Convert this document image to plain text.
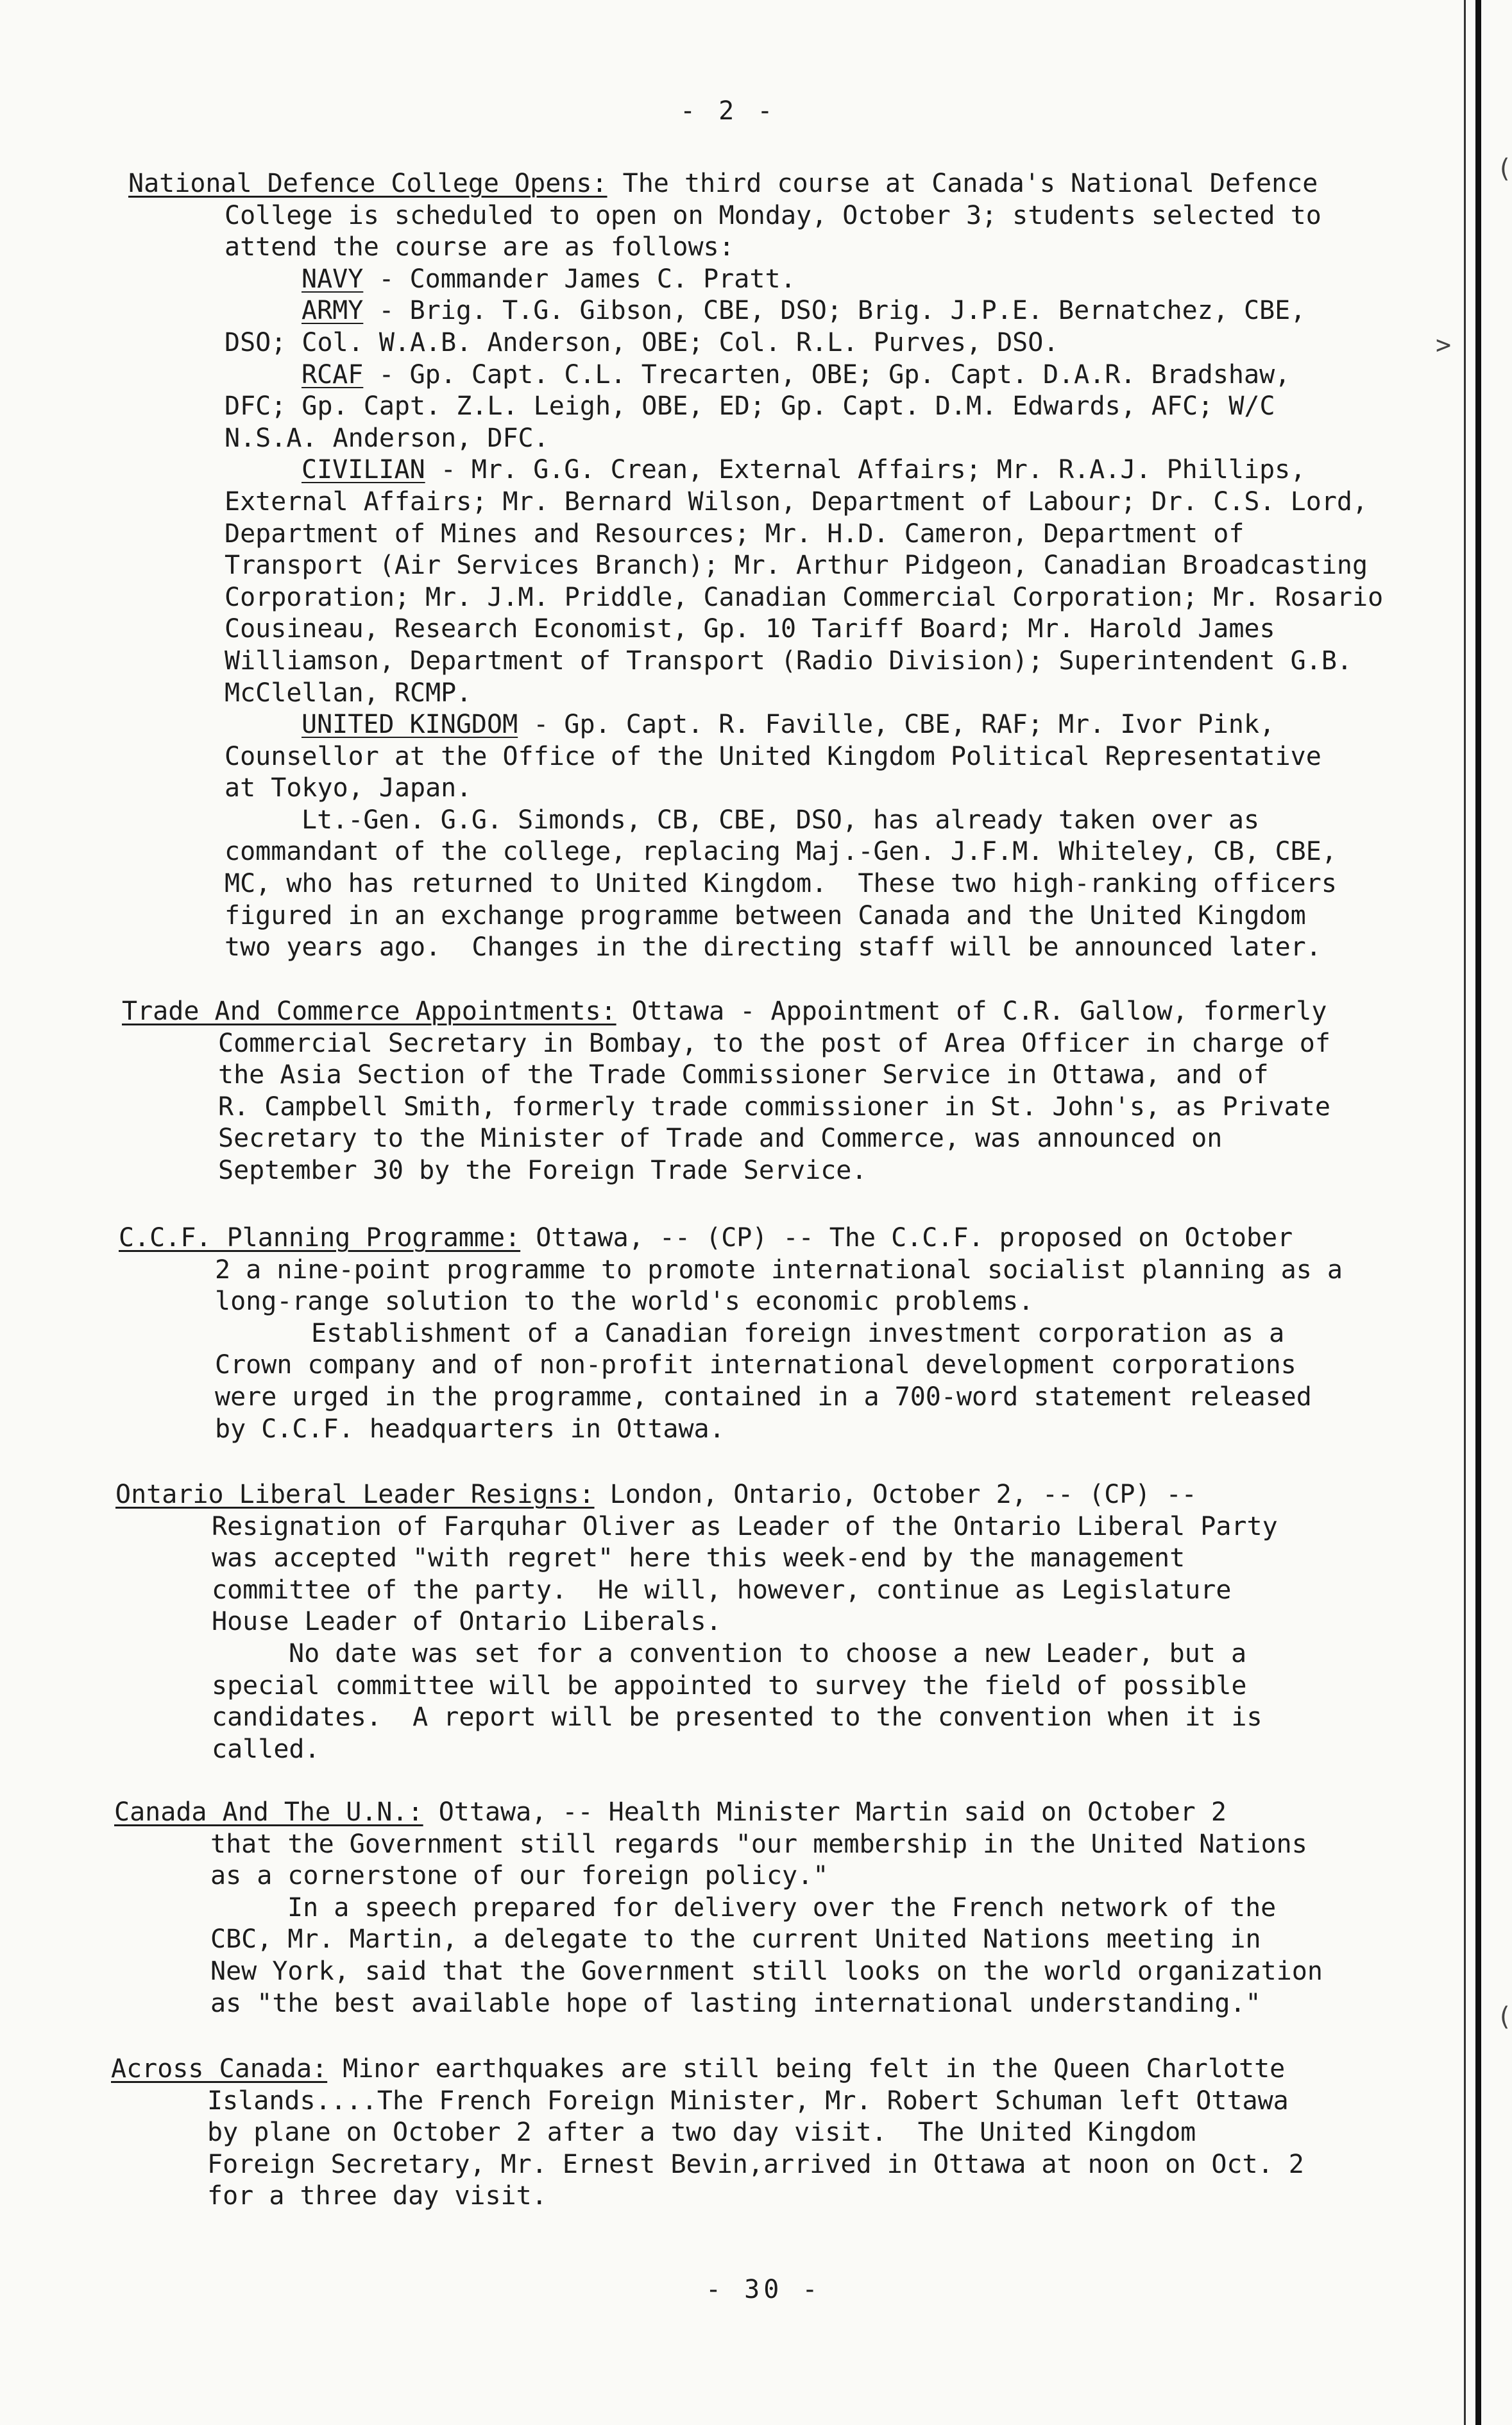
(
>
(
- 2 -

National Defence College Opens: The third course at Canada's National Defence

College is scheduled to open on Monday, October 3; students selected to

attend the course are as follows:

NAVY - Commander James C. Pratt.

ARMY - Brig. T.G. Gibson, CBE, DSO; Brig. J.P.E. Bernatchez, CBE,

DSO; Col. W.A.B. Anderson, OBE; Col. R.L. Purves, DSO.

RCAF - Gp. Capt. C.L. Trecarten, OBE; Gp. Capt. D.A.R. Bradshaw,

DFC; Gp. Capt. Z.L. Leigh, OBE, ED; Gp. Capt. D.M. Edwards, AFC; W/C

N.S.A. Anderson, DFC.

CIVILIAN - Mr. G.G. Crean, External Affairs; Mr. R.A.J. Phillips,

External Affairs; Mr. Bernard Wilson, Department of Labour; Dr. C.S. Lord,

Department of Mines and Resources; Mr. H.D. Cameron, Department of

Transport (Air Services Branch); Mr. Arthur Pidgeon, Canadian Broadcasting

Corporation; Mr. J.M. Priddle, Canadian Commercial Corporation; Mr. Rosario

Cousineau, Research Economist, Gp. 10 Tariff Board; Mr. Harold James

Williamson, Department of Transport (Radio Division); Superintendent G.B.

McClellan, RCMP.

UNITED KINGDOM - Gp. Capt. R. Faville, CBE, RAF; Mr. Ivor Pink,

Counsellor at the Office of the United Kingdom Political Representative

at Tokyo, Japan.

Lt.-Gen. G.G. Simonds, CB, CBE, DSO, has already taken over as

commandant of the college, replacing Maj.-Gen. J.F.M. Whiteley, CB, CBE,

MC, who has returned to United Kingdom.  These two high-ranking officers

figured in an exchange programme between Canada and the United Kingdom

two years ago.  Changes in the directing staff will be announced later.

Trade And Commerce Appointments: Ottawa - Appointment of C.R. Gallow, formerly

Commercial Secretary in Bombay, to the post of Area Officer in charge of

the Asia Section of the Trade Commissioner Service in Ottawa, and of

R. Campbell Smith, formerly trade commissioner in St. John's, as Private

Secretary to the Minister of Trade and Commerce, was announced on

September 30 by the Foreign Trade Service.

C.C.F. Planning Programme: Ottawa, -- (CP) -- The C.C.F. proposed on October

2 a nine-point programme to promote international socialist planning as a

long-range solution to the world's economic problems.

Establishment of a Canadian foreign investment corporation as a

Crown company and of non-profit international development corporations

were urged in the programme, contained in a 700-word statement released

by C.C.F. headquarters in Ottawa.

Ontario Liberal Leader Resigns: London, Ontario, October 2, -- (CP) --

Resignation of Farquhar Oliver as Leader of the Ontario Liberal Party

was accepted "with regret" here this week-end by the management

committee of the party.  He will, however, continue as Legislature

House Leader of Ontario Liberals.

No date was set for a convention to choose a new Leader, but a

special committee will be appointed to survey the field of possible

candidates.  A report will be presented to the convention when it is

called.

Canada And The U.N.: Ottawa, -- Health Minister Martin said on October 2

that the Government still regards "our membership in the United Nations

as a cornerstone of our foreign policy."

In a speech prepared for delivery over the French network of the

CBC, Mr. Martin, a delegate to the current United Nations meeting in

New York, said that the Government still looks on the world organization

as "the best available hope of lasting international understanding."

Across Canada: Minor earthquakes are still being felt in the Queen Charlotte

Islands....The French Foreign Minister, Mr. Robert Schuman left Ottawa

by plane on October 2 after a two day visit.  The United Kingdom

Foreign Secretary, Mr. Ernest Bevin,arrived in Ottawa at noon on Oct. 2

for a three day visit.

- 30 -
